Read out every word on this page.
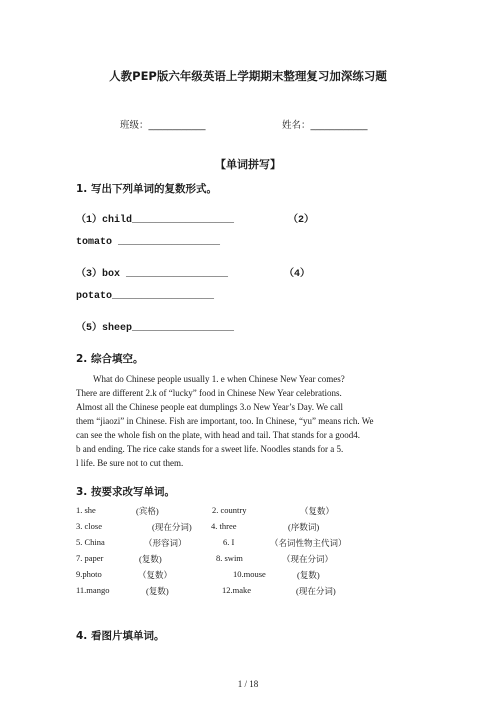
人教PEP版六年级英语上学期期末整理复习加深练习题
班级：____________	姓名：____________
【单词拼写】
1. 写出下列单词的复数形式。
（1）child_________________	（2）
tomato _________________
（3）box _________________	（4）
potato_________________
（5）sheep_________________
2. 综合填空。
What do Chinese people usually 1. e when Chinese New Year comes?
There are different 2.k of “lucky” food in Chinese New Year celebrations.
Almost all the Chinese people eat dumplings 3.o New Year’s Day. We call
them “jiaozi” in Chinese. Fish are important, too. In Chinese, “yu” means rich. We
can see the whole fish on the plate, with head and tail. That stands for a good4.
b and ending. The rice cake stands for a sweet life. Noodles stands for a 5.
l life. Be sure not to cut them.
3. 按要求改写单词。
1. she	(宾格)	2. country	（复数）
3. close	(现在分词) 4. three	(序数词)
5. China	（形容词）	6. I	（名词性物主代词）
7. paper	(复数)	8. swim	（现在分词）
9.photo	（复数）	10.mouse	(复数)
11.mango	(复数)	12.make	(现在分词)
4. 看图片填单词。
1 / 18
